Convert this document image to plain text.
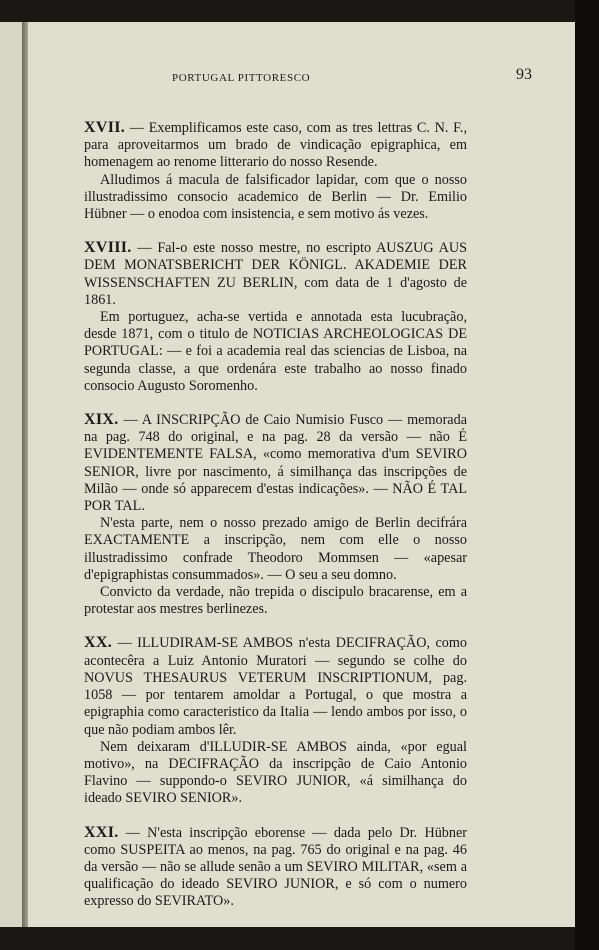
PORTUGAL PITTORESCO	93

XVII. — Exemplificamos este caso, com as tres lettras C. N. F., para aproveitarmos um brado de vindicação epigraphica, em homenagem ao renome litterario do nosso Resende.

Alludimos á macula de falsificador lapidar, com que o nosso illustradissimo consocio academico de Berlin — Dr. Emilio Hübner — o enodoa com insistencia, e sem motivo ás vezes.

XVIII. — Fal-o este nosso mestre, no escripto AUSZUG AUS DEM MONATSBERICHT DER KÖNIGL. AKADEMIE DER WISSENSCHAFTEN ZU BERLIN, com data de 1 d'agosto de 1861.

Em portuguez, acha-se vertida e annotada esta lucubração, desde 1871, com o titulo de NOTICIAS ARCHEOLOGICAS DE PORTUGAL: — e foi a academia real das sciencias de Lisboa, na segunda classe, a que ordenára este trabalho ao nosso finado consocio Augusto Soromenho.

XIX. — A INSCRIPÇÃO de Caio Numisio Fusco — memorada na pag. 748 do original, e na pag. 28 da versão — não É EVIDENTEMENTE FALSA, «como memorativa d'um SEVIRO SENIOR, livre por nascimento, á similhança das inscripções de Milão — onde só apparecem d'estas indicações». — NÃO É TAL POR TAL.

N'esta parte, nem o nosso prezado amigo de Berlin decifrára EXACTAMENTE a inscripção, nem com elle o nosso illustradissimo confrade Theodoro Mommsen — «apesar d'epigraphistas consummados». — O seu a seu domno.

Convicto da verdade, não trepida o discipulo bracarense, em a protestar aos mestres berlinezes.

XX. — ILLUDIRAM-SE AMBOS n'esta DECIFRAÇÃO, como acontecêra a Luiz Antonio Muratori — segundo se colhe do NOVUS THESAURUS VETERUM INSCRIPTIONUM, pag. 1058 — por tentarem amoldar a Portugal, o que mostra a epigraphia como caracteristico da Italia — lendo ambos por isso, o que não podiam ambos lêr.

Nem deixaram d'ILLUDIR-SE AMBOS ainda, «por egual motivo», na DECIFRAÇÃO da inscripção de Caio Antonio Flavino — suppondo-o SEVIRO JUNIOR, «á similhança do ideado SEVIRO SENIOR».

XXI. — N'esta inscripção eborense — dada pelo Dr. Hübner como SUSPEITA ao menos, na pag. 765 do original e na pag. 46 da versão — não se allude senão a um SEVIRO MILITAR, «sem a qualificação do ideado SEVIRO JUNIOR, e só com o numero expresso do SEVIRATO».
